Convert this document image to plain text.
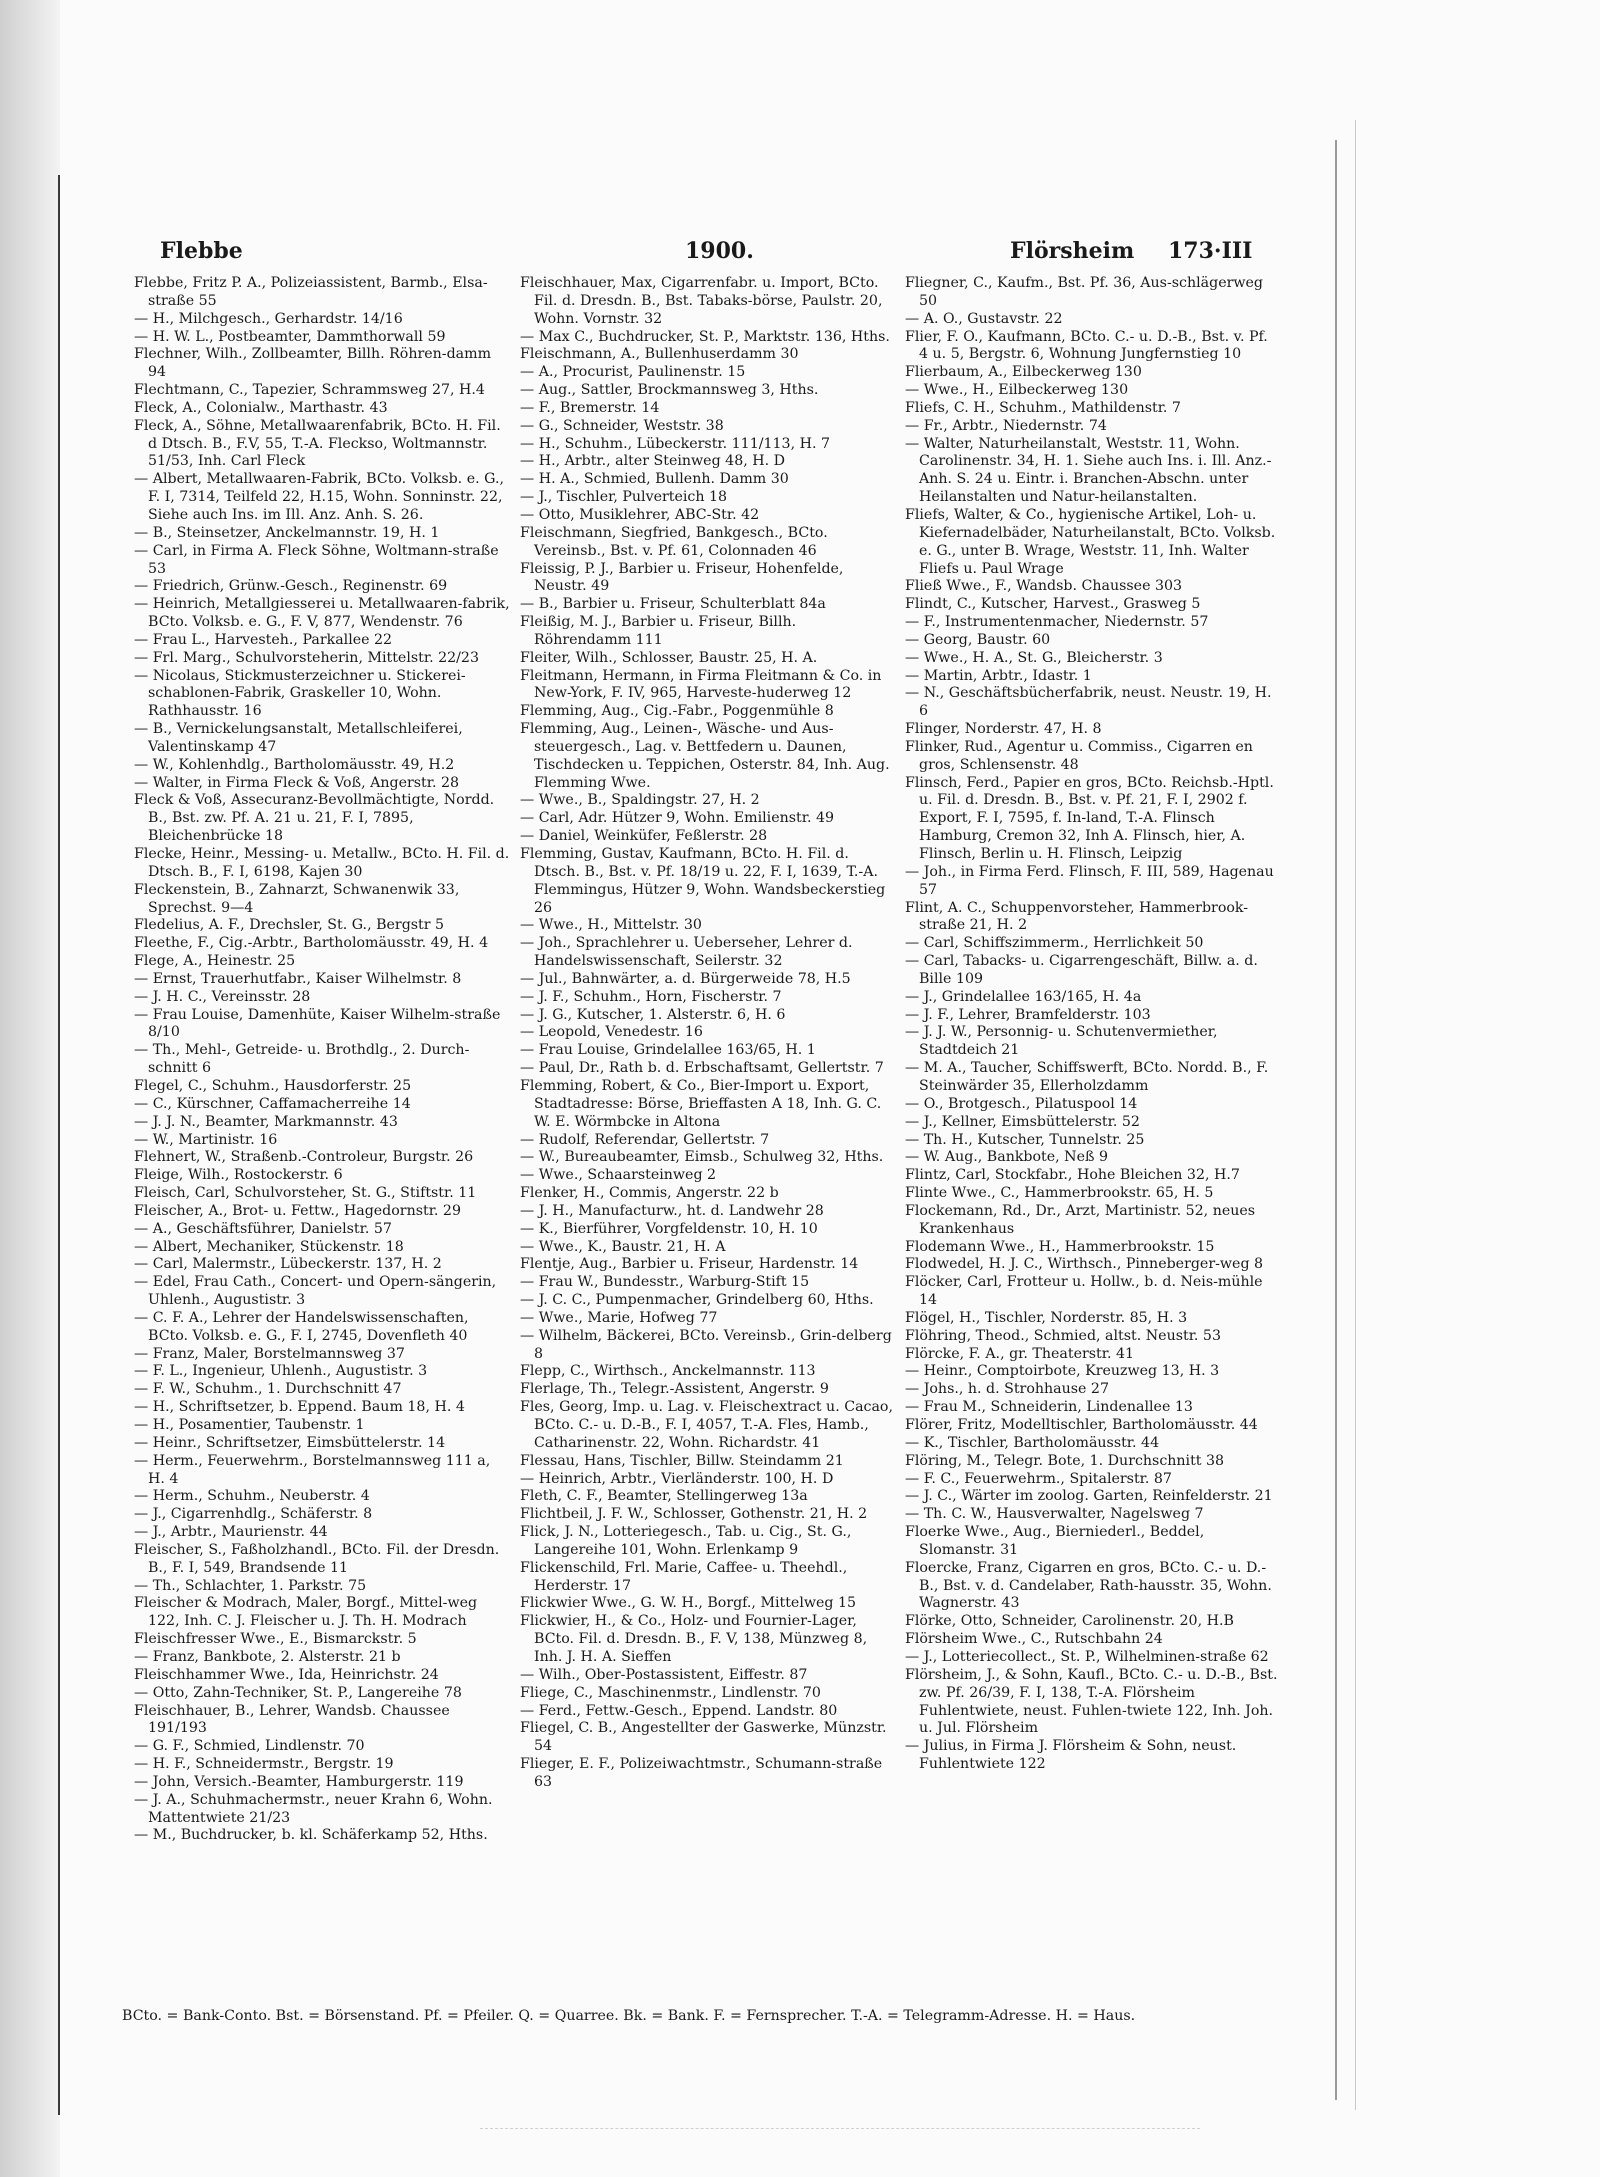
Flebbe	1900.	Flörsheim 173·III
Flebbe, Fritz P. A., Polizeiassistent, Barmb., Elsa-straße 55
— H., Milchgesch., Gerhardstr. 14/16
— H. W. L., Postbeamter, Dammthorwall 59
Flechner, Wilh., Zollbeamter, Billh. Röhren-damm 94
Flechtmann, C., Tapezier, Schrammsweg 27, H.4
Fleck, A., Colonialw., Marthastr. 43
Fleck, A., Söhne, Metallwaarenfabrik, BCto. H. Fil. d Dtsch. B., F.V, 55, T.-A. Fleckso, Woltmannstr. 51/53, Inh. Carl Fleck
— Albert, Metallwaaren-Fabrik, BCto. Volksb. e. G., F. I, 7314, Teilfeld 22, H.15, Wohn. Sonninstr. 22, Siehe auch Ins. im Ill. Anz. Anh. S. 26.
— B., Steinsetzer, Anckelmannstr. 19, H. 1
— Carl, in Firma A. Fleck Söhne, Woltmann-straße 53
— Friedrich, Grünw.-Gesch., Reginenstr. 69
— Heinrich, Metallgiesserei u. Metallwaaren-fabrik, BCto. Volksb. e. G., F. V, 877, Wendenstr. 76
— Frau L., Harvesteh., Parkallee 22
— Frl. Marg., Schulvorsteherin, Mittelstr. 22/23
— Nicolaus, Stickmusterzeichner u. Stickerei-schablonen-Fabrik, Graskeller 10, Wohn. Rathhausstr. 16
— B., Vernickelungsanstalt, Metallschleiferei, Valentinskamp 47
— W., Kohlenhdlg., Bartholomäusstr. 49, H.2
— Walter, in Firma Fleck & Voß, Angerstr. 28
Fleck & Voß, Assecuranz-Bevollmächtigte, Nordd. B., Bst. zw. Pf. A. 21 u. 21, F. I, 7895, Bleichenbrücke 18
Flecke, Heinr., Messing- u. Metallw., BCto. H. Fil. d. Dtsch. B., F. I, 6198, Kajen 30
Fleckenstein, B., Zahnarzt, Schwanenwik 33, Sprechst. 9—4
Fledelius, A. F., Drechsler, St. G., Bergstr 5
Fleethe, F., Cig.-Arbtr., Bartholomäusstr. 49, H. 4
Flege, A., Heinestr. 25
— Ernst, Trauerhutfabr., Kaiser Wilhelmstr. 8
— J. H. C., Vereinsstr. 28
— Frau Louise, Damenhüte, Kaiser Wilhelm-straße 8/10
— Th., Mehl-, Getreide- u. Brothdlg., 2. Durch-schnitt 6
Flegel, C., Schuhm., Hausdorferstr. 25
— C., Kürschner, Caffamacherreihe 14
— J. J. N., Beamter, Markmannstr. 43
— W., Martinistr. 16
Flehnert, W., Straßenb.-Controleur, Burgstr. 26
Fleige, Wilh., Rostockerstr. 6
Fleisch, Carl, Schulvorsteher, St. G., Stiftstr. 11
Fleischer, A., Brot- u. Fettw., Hagedornstr. 29
— A., Geschäftsführer, Danielstr. 57
— Albert, Mechaniker, Stückenstr. 18
— Carl, Malermstr., Lübeckerstr. 137, H. 2
— Edel, Frau Cath., Concert- und Opern-sängerin, Uhlenh., Augustistr. 3
— C. F. A., Lehrer der Handelswissenschaften, BCto. Volksb. e. G., F. I, 2745, Dovenfleth 40
— Franz, Maler, Borstelmannsweg 37
— F. L., Ingenieur, Uhlenh., Augustistr. 3
— F. W., Schuhm., 1. Durchschnitt 47
— H., Schriftsetzer, b. Eppend. Baum 18, H. 4
— H., Posamentier, Taubenstr. 1
— Heinr., Schriftsetzer, Eimsbüttelerstr. 14
— Herm., Feuerwehrm., Borstelmannsweg 111 a, H. 4
— Herm., Schuhm., Neuberstr. 4
— J., Cigarrenhdlg., Schäferstr. 8
— J., Arbtr., Maurienstr. 44
Fleischer, S., Faßholzhandl., BCto. Fil. der Dresdn. B., F. I, 549, Brandsende 11
— Th., Schlachter, 1. Parkstr. 75
Fleischer & Modrach, Maler, Borgf., Mittel-weg 122, Inh. C. J. Fleischer u. J. Th. H. Modrach
Fleischfresser Wwe., E., Bismarckstr. 5
— Franz, Bankbote, 2. Alsterstr. 21 b
Fleischhammer Wwe., Ida, Heinrichstr. 24
— Otto, Zahn-Techniker, St. P., Langereihe 78
Fleischhauer, B., Lehrer, Wandsb. Chaussee 191/193
— G. F., Schmied, Lindlenstr. 70
— H. F., Schneidermstr., Bergstr. 19
— John, Versich.-Beamter, Hamburgerstr. 119
— J. A., Schuhmachermstr., neuer Krahn 6, Wohn. Mattentwiete 21/23
— M., Buchdrucker, b. kl. Schäferkamp 52, Hths.
Fleischhauer, Max, Cigarrenfabr. u. Import, BCto. Fil. d. Dresdn. B., Bst. Tabaks-börse, Paulstr. 20, Wohn. Vornstr. 32
— Max C., Buchdrucker, St. P., Marktstr. 136, Hths.
Fleischmann, A., Bullenhuserdamm 30
— A., Procurist, Paulinenstr. 15
— Aug., Sattler, Brockmannsweg 3, Hths.
— F., Bremerstr. 14
— G., Schneider, Weststr. 38
— H., Schuhm., Lübeckerstr. 111/113, H. 7
— H., Arbtr., alter Steinweg 48, H. D
— H. A., Schmied, Bullenh. Damm 30
— J., Tischler, Pulverteich 18
— Otto, Musiklehrer, ABC-Str. 42
Fleischmann, Siegfried, Bankgesch., BCto. Vereinsb., Bst. v. Pf. 61, Colonnaden 46
Fleissig, P. J., Barbier u. Friseur, Hohenfelde, Neustr. 49
— B., Barbier u. Friseur, Schulterblatt 84a
Fleißig, M. J., Barbier u. Friseur, Billh. Röhrendamm 111
Fleiter, Wilh., Schlosser, Baustr. 25, H. A.
Fleitmann, Hermann, in Firma Fleitmann & Co. in New-York, F. IV, 965, Harveste-huderweg 12
Flemming, Aug., Cig.-Fabr., Poggenmühle 8
Flemming, Aug., Leinen-, Wäsche- und Aus-steuergesch., Lag. v. Bettfedern u. Daunen, Tischdecken u. Teppichen, Osterstr. 84, Inh. Aug. Flemming Wwe.
— Wwe., B., Spaldingstr. 27, H. 2
— Carl, Adr. Hützer 9, Wohn. Emilienstr. 49
— Daniel, Weinküfer, Feßlerstr. 28
Flemming, Gustav, Kaufmann, BCto. H. Fil. d. Dtsch. B., Bst. v. Pf. 18/19 u. 22, F. I, 1639, T.-A. Flemmingus, Hützer 9, Wohn. Wandsbeckerstieg 26
— Wwe., H., Mittelstr. 30
— Joh., Sprachlehrer u. Ueberseher, Lehrer d. Handelswissenschaft, Seilerstr. 32
— Jul., Bahnwärter, a. d. Bürgerweide 78, H.5
— J. F., Schuhm., Horn, Fischerstr. 7
— J. G., Kutscher, 1. Alsterstr. 6, H. 6
— Leopold, Venedestr. 16
— Frau Louise, Grindelallee 163/65, H. 1
— Paul, Dr., Rath b. d. Erbschaftsamt, Gellertstr. 7
Flemming, Robert, & Co., Bier-Import u. Export, Stadtadresse: Börse, Brieffasten A 18, Inh. G. C. W. E. Wörmbcke in Altona
— Rudolf, Referendar, Gellertstr. 7
— W., Bureaubeamter, Eimsb., Schulweg 32, Hths.
— Wwe., Schaarsteinweg 2
Flenker, H., Commis, Angerstr. 22 b
— J. H., Manufacturw., ht. d. Landwehr 28
— K., Bierführer, Vorgfeldenstr. 10, H. 10
— Wwe., K., Baustr. 21, H. A
Flentje, Aug., Barbier u. Friseur, Hardenstr. 14
— Frau W., Bundesstr., Warburg-Stift 15
— J. C. C., Pumpenmacher, Grindelberg 60, Hths.
— Wwe., Marie, Hofweg 77
— Wilhelm, Bäckerei, BCto. Vereinsb., Grin-delberg 8
Flepp, C., Wirthsch., Anckelmannstr. 113
Flerlage, Th., Telegr.-Assistent, Angerstr. 9
Fles, Georg, Imp. u. Lag. v. Fleischextract u. Cacao, BCto. C.- u. D.-B., F. I, 4057, T.-A. Fles, Hamb., Catharinenstr. 22, Wohn. Richardstr. 41
Flessau, Hans, Tischler, Billw. Steindamm 21
— Heinrich, Arbtr., Vierländerstr. 100, H. D
Fleth, C. F., Beamter, Stellingerweg 13a
Flichtbeil, J. F. W., Schlosser, Gothenstr. 21, H. 2
Flick, J. N., Lotteriegesch., Tab. u. Cig., St. G., Langereihe 101, Wohn. Erlenkamp 9
Flickenschild, Frl. Marie, Caffee- u. Theehdl., Herderstr. 17
Flickwier Wwe., G. W. H., Borgf., Mittelweg 15
Flickwier, H., & Co., Holz- und Fournier-Lager, BCto. Fil. d. Dresdn. B., F. V, 138, Münzweg 8, Inh. J. H. A. Sieffen
— Wilh., Ober-Postassistent, Eiffestr. 87
Fliege, C., Maschinenmstr., Lindlenstr. 70
— Ferd., Fettw.-Gesch., Eppend. Landstr. 80
Fliegel, C. B., Angestellter der Gaswerke, Münzstr. 54
Flieger, E. F., Polizeiwachtmstr., Schumann-straße 63
Fliegner, C., Kaufm., Bst. Pf. 36, Aus-schlägerweg 50
— A. O., Gustavstr. 22
Flier, F. O., Kaufmann, BCto. C.- u. D.-B., Bst. v. Pf. 4 u. 5, Bergstr. 6, Wohnung Jungfernstieg 10
Flierbaum, A., Eilbeckerweg 130
— Wwe., H., Eilbeckerweg 130
Fliefs, C. H., Schuhm., Mathildenstr. 7
— Fr., Arbtr., Niedernstr. 74
— Walter, Naturheilanstalt, Weststr. 11, Wohn. Carolinenstr. 34, H. 1. Siehe auch Ins. i. Ill. Anz.-Anh. S. 24 u. Eintr. i. Branchen-Abschn. unter Heilanstalten und Natur-heilanstalten.
Fliefs, Walter, & Co., hygienische Artikel, Loh- u. Kiefernadelbäder, Naturheilanstalt, BCto. Volksb. e. G., unter B. Wrage, Weststr. 11, Inh. Walter Fliefs u. Paul Wrage
Fließ Wwe., F., Wandsb. Chaussee 303
Flindt, C., Kutscher, Harvest., Grasweg 5
— F., Instrumentenmacher, Niedernstr. 57
— Georg, Baustr. 60
— Wwe., H. A., St. G., Bleicherstr. 3
— Martin, Arbtr., Idastr. 1
— N., Geschäftsbücherfabrik, neust. Neustr. 19, H. 6
Flinger, Norderstr. 47, H. 8
Flinker, Rud., Agentur u. Commiss., Cigarren en gros, Schlensenstr. 48
Flinsch, Ferd., Papier en gros, BCto. Reichsb.-Hptl. u. Fil. d. Dresdn. B., Bst. v. Pf. 21, F. I, 2902 f. Export, F. I, 7595, f. In-land, T.-A. Flinsch Hamburg, Cremon 32, Inh A. Flinsch, hier, A. Flinsch, Berlin u. H. Flinsch, Leipzig
— Joh., in Firma Ferd. Flinsch, F. III, 589, Hagenau 57
Flint, A. C., Schuppenvorsteher, Hammerbrook-straße 21, H. 2
— Carl, Schiffszimmerm., Herrlichkeit 50
— Carl, Tabacks- u. Cigarrengeschäft, Billw. a. d. Bille 109
— J., Grindelallee 163/165, H. 4a
— J. F., Lehrer, Bramfelderstr. 103
— J. J. W., Personnig- u. Schutenvermiether, Stadtdeich 21
— M. A., Taucher, Schiffswerft, BCto. Nordd. B., F. Steinwärder 35, Ellerholzdamm
— O., Brotgesch., Pilatuspool 14
— J., Kellner, Eimsbüttelerstr. 52
— Th. H., Kutscher, Tunnelstr. 25
— W. Aug., Bankbote, Neß 9
Flintz, Carl, Stockfabr., Hohe Bleichen 32, H.7
Flinte Wwe., C., Hammerbrookstr. 65, H. 5
Flockemann, Rd., Dr., Arzt, Martinistr. 52, neues Krankenhaus
Flodemann Wwe., H., Hammerbrookstr. 15
Flodwedel, H. J. C., Wirthsch., Pinneberger-weg 8
Flöcker, Carl, Frotteur u. Hollw., b. d. Neis-mühle 14
Flögel, H., Tischler, Norderstr. 85, H. 3
Flöhring, Theod., Schmied, altst. Neustr. 53
Flörcke, F. A., gr. Theaterstr. 41
— Heinr., Comptoirbote, Kreuzweg 13, H. 3
— Johs., h. d. Strohhause 27
— Frau M., Schneiderin, Lindenallee 13
Flörer, Fritz, Modelltischler, Bartholomäusstr. 44
— K., Tischler, Bartholomäusstr. 44
Flöring, M., Telegr. Bote, 1. Durchschnitt 38
— F. C., Feuerwehrm., Spitalerstr. 87
— J. C., Wärter im zoolog. Garten, Reinfelderstr. 21
— Th. C. W., Hausverwalter, Nagelsweg 7
Floerke Wwe., Aug., Bierniederl., Beddel, Slomanstr. 31
Floercke, Franz, Cigarren en gros, BCto. C.- u. D.-B., Bst. v. d. Candelaber, Rath-hausstr. 35, Wohn. Wagnerstr. 43
Flörke, Otto, Schneider, Carolinenstr. 20, H.B
Flörsheim Wwe., C., Rutschbahn 24
— J., Lotteriecollect., St. P., Wilhelminen-straße 62
Flörsheim, J., & Sohn, Kaufl., BCto. C.- u. D.-B., Bst. zw. Pf. 26/39, F. I, 138, T.-A. Flörsheim Fuhlentwiete, neust. Fuhlen-twiete 122, Inh. Joh. u. Jul. Flörsheim
— Julius, in Firma J. Flörsheim & Sohn, neust. Fuhlentwiete 122
BCto. = Bank-Conto. Bst. = Börsenstand. Pf. = Pfeiler. Q. = Quarree. Bk. = Bank. F. = Fernsprecher. T.-A. = Telegramm-Adresse. H. = Haus.
